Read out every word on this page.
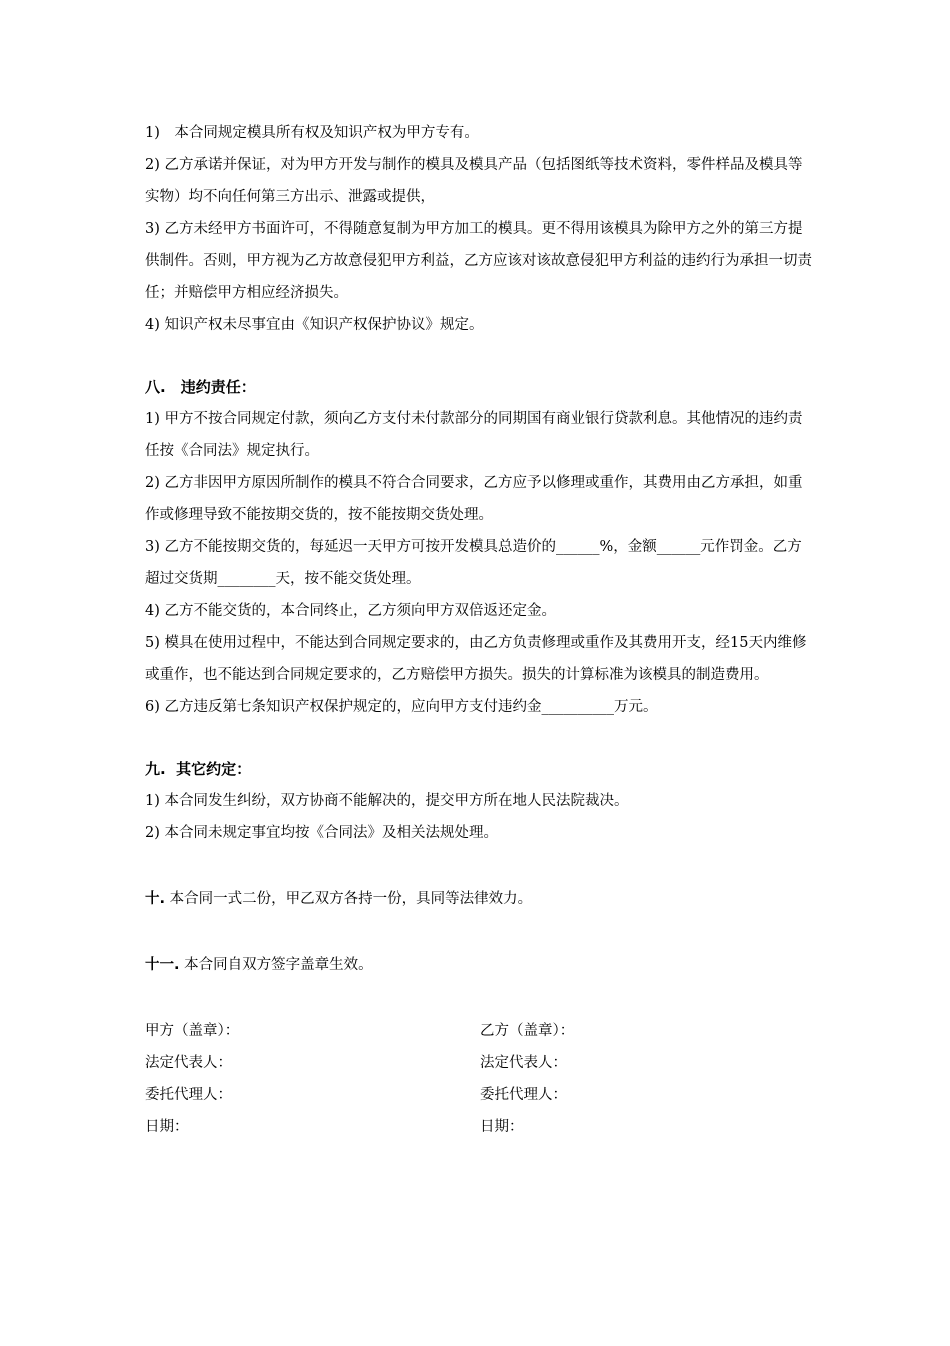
1)　本合同规定模具所有权及知识产权为甲方专有。

2) 乙方承诺并保证，对为甲方开发与制作的模具及模具产品（包括图纸等技术资料，零件样品及模具等实物）均不向任何第三方出示、泄露或提供，

3) 乙方未经甲方书面许可，不得随意复制为甲方加工的模具。更不得用该模具为除甲方之外的第三方提供制件。否则，甲方视为乙方故意侵犯甲方利益，乙方应该对该故意侵犯甲方利益的违约行为承担一切责任；并赔偿甲方相应经济损失。

4) 知识产权未尽事宜由《知识产权保护协议》规定。

八.　违约责任：

1) 甲方不按合同规定付款，须向乙方支付未付款部分的同期国有商业银行贷款利息。其他情况的违约责任按《合同法》规定执行。

2) 乙方非因甲方原因所制作的模具不符合合同要求，乙方应予以修理或重作，其费用由乙方承担，如重作或修理导致不能按期交货的，按不能按期交货处理。

3) 乙方不能按期交货的，每延迟一天甲方可按开发模具总造价的______%，金额______元作罚金。乙方超过交货期________天，按不能交货处理。

4) 乙方不能交货的，本合同终止，乙方须向甲方双倍返还定金。

5) 模具在使用过程中，不能达到合同规定要求的，由乙方负责修理或重作及其费用开支，经15天内维修或重作，也不能达到合同规定要求的，乙方赔偿甲方损失。损失的计算标准为该模具的制造费用。

6) 乙方违反第七条知识产权保护规定的，应向甲方支付违约金__________万元。

九.  其它约定：

1) 本合同发生纠纷，双方协商不能解决的，提交甲方所在地人民法院裁决。

2) 本合同未规定事宜均按《合同法》及相关法规处理。

十. 本合同一式二份，甲乙双方各持一份，具同等法律效力。

十一. 本合同自双方签字盖章生效。

甲方（盖章）：

法定代表人：

委托代理人：

日期：

乙方（盖章）：

法定代表人：

委托代理人：

日期：
